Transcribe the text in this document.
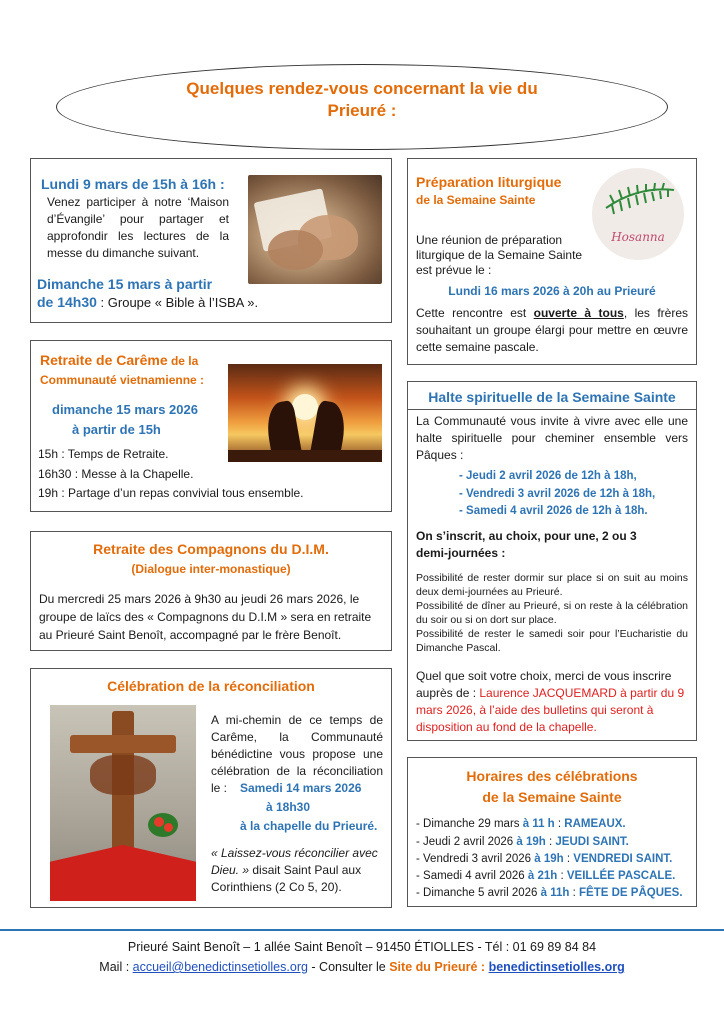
Quelques rendez-vous concernant la vie du
Prieuré :
Lundi 9 mars de 15h à 16h :

Venez participer à notre ‘Maison d’Évangile’ pour partager et approfondir les lectures de la messe du dimanche suivant.

Dimanche 15 mars à partir
de 14h30 : Groupe « Bible à l’ISBA ».
Retraite de Carême de la
Communauté vietnamienne :
dimanche 15 mars 2026
à partir de 15h
15h : Temps de Retraite.
16h30 : Messe à la Chapelle.
19h : Partage d’un repas convivial tous ensemble.
Retraite des Compagnons du D.I.M.
(Dialogue inter-monastique)

Du mercredi 25 mars 2026 à 9h30 au jeudi 26 mars 2026, le groupe de laïcs des « Compagnons du D.I.M » sera en retraite au Prieuré Saint Benoît, accompagné par le frère Benoît.

Célébration de la réconciliation

A mi-chemin de ce temps de Carême, la Communauté bénédictine vous propose une célébration de la réconciliation le :	Samedi 14 mars 2026
à 18h30
à la chapelle du Prieuré.

« Laissez-vous réconcilier avec Dieu. » disait Saint Paul aux Corinthiens (2 Co 5, 20).

Préparation liturgique
de la Semaine Sainte
Hosanna

Une réunion de préparation liturgique de la Semaine Sainte est prévue le :

Lundi 16 mars 2026 à 20h au Prieuré

Cette rencontre est ouverte à tous, les frères souhaitant un groupe élargi pour mettre en œuvre cette semaine pascale.

Halte spirituelle de la Semaine Sainte

La Communauté vous invite à vivre avec elle une halte spirituelle pour cheminer ensemble vers Pâques :

- Jeudi 2 avril 2026 de 12h à 18h,
- Vendredi 3 avril 2026 de 12h à 18h,
- Samedi 4 avril 2026 de 12h à 18h.

On s’inscrit, au choix, pour une, 2 ou 3 demi-journées :

Possibilité de rester dormir sur place si on suit au moins deux demi-journées au Prieuré.

Possibilité de dîner au Prieuré, si on reste à la célébration du soir ou si on dort sur place.

Possibilité de rester le samedi soir pour l’Eucharistie du Dimanche Pascal.

Quel que soit votre choix, merci de vous inscrire auprès de : Laurence JACQUEMARD à partir du 9 mars 2026, à l’aide des bulletins qui seront à disposition au fond de la chapelle.

Horaires des célébrations
de la Semaine Sainte
- Dimanche 29 mars à 11 h : RAMEAUX.
- Jeudi 2 avril 2026 à 19h : JEUDI SAINT.
- Vendredi 3 avril 2026 à 19h : VENDREDI SAINT.
- Samedi 4 avril 2026 à 21h : VEILLÉE PASCALE.
- Dimanche 5 avril 2026 à 11h : FÊTE DE PÂQUES.
Prieuré Saint Benoît – 1 allée Saint Benoît – 91450 ÉTIOLLES - Tél : 01 69 89 84 84
Mail : accueil@benedictinsetiolles.org - Consulter le Site du Prieuré : benedictinsetiolles.org
